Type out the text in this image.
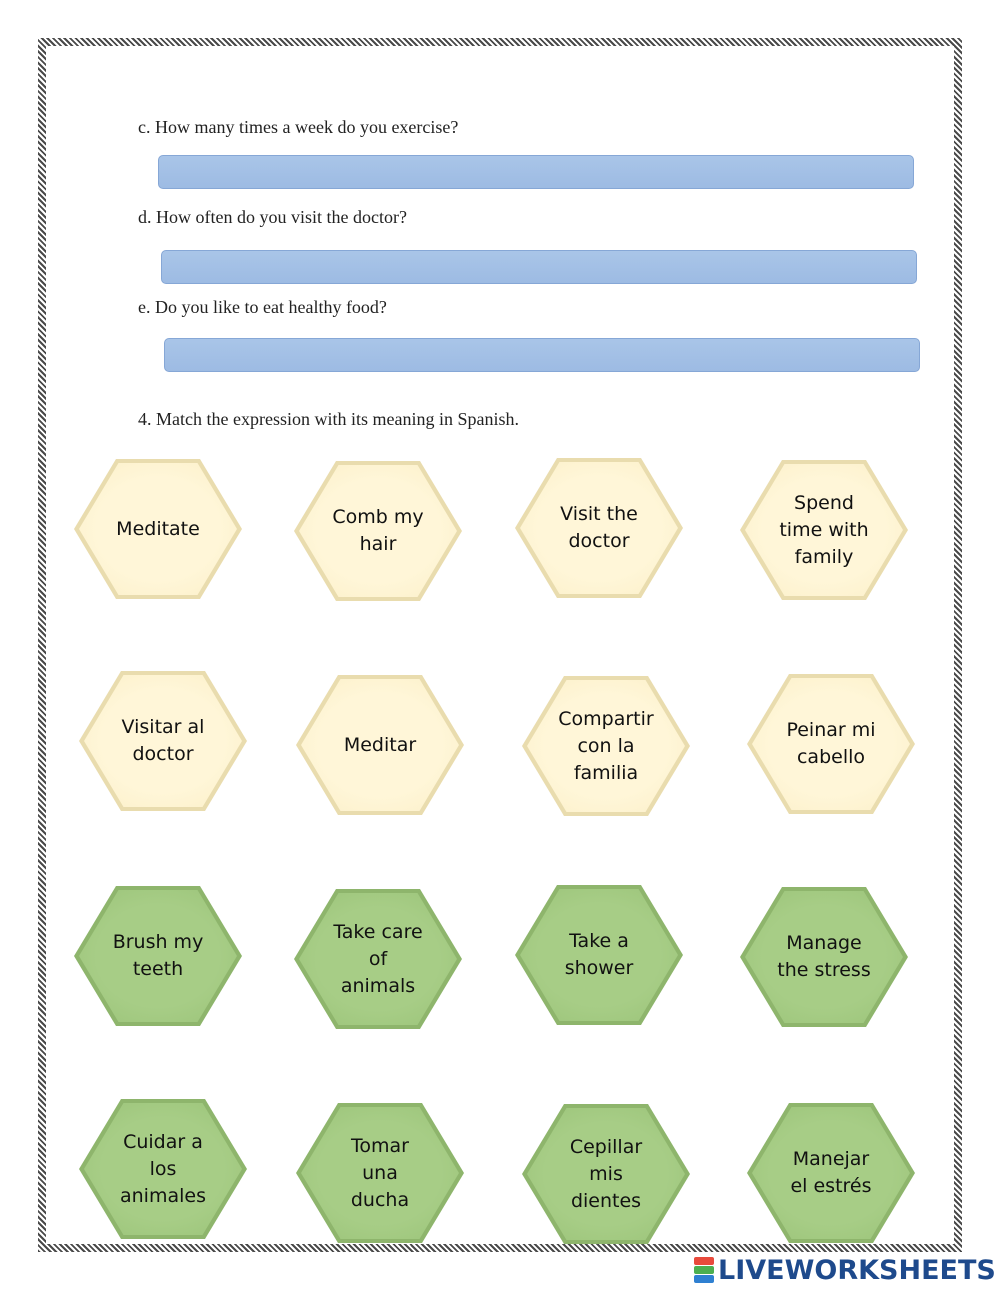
c. How many times a week do you exercise?
d. How often do you visit the doctor?
e. Do you like to eat healthy food?
4. Match the expression with its meaning in Spanish.
Meditate
Comb my hair
Visit the doctor
Spend time with family
Visitar al doctor	Meditar
Compartir con la familia
Peinar mi cabello
Brush my teeth
Take care of animals
Take a shower
Manage the stress
Cuidar a los animales
Tomar una ducha
Cepillar mis dientes
Manejar el estrés
LIVEWORKSHEETS
